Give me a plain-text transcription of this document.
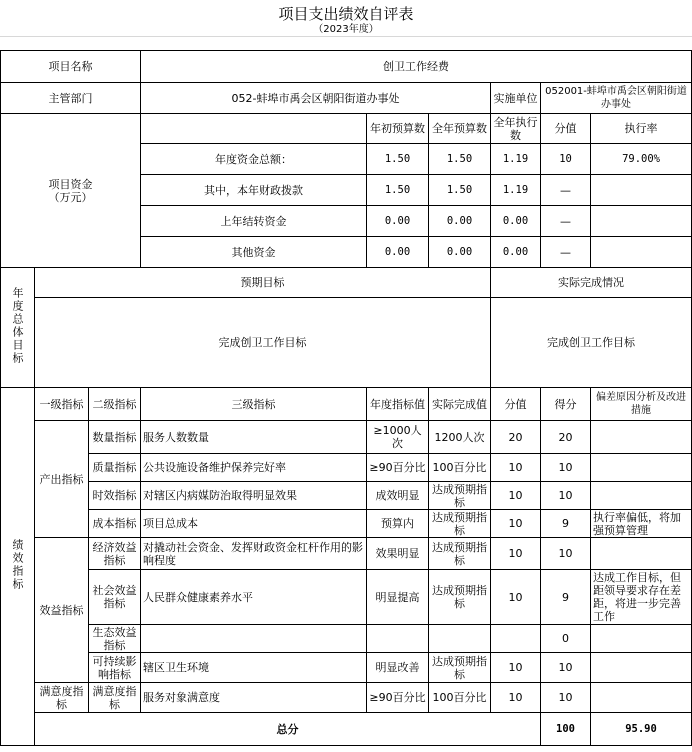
项目支出绩效自评表
（2023年度）
项目名称			创卫工作经费						
主管部门			052-蚌埠市禹会区朝阳街道办事处			实施单位	052001-蚌埠市禹会区朝阳街道办事处		
项目资金
（万元）				年初预算数	全年预算数	全年执行数	分值	执行率	
			年度资金总额：	1.50	1.50	1.19	10	79.00%	
			其中，本年财政拨款	1.50	1.50	1.19	—		
			上年结转资金	0.00	0.00	0.00	—		
			其他资金	0.00	0.00	0.00	—		
年度总体目标	预期目标					实际完成情况			
	完成创卫工作目标					完成创卫工作目标			
绩效指标	一级指标	二级指标	三级指标	年度指标值	实际完成值	分值	得分	偏差原因分析及改进措施	
	产出指标	数量指标	服务人数数量	≥1000人次	1200人次	20	20		
		质量指标	公共设施设备维护保养完好率	≥90百分比	100百分比	10	10		
		时效指标	对辖区内病媒防治取得明显效果	成效明显	达成预期指标	10	10		
		成本指标	项目总成本	预算内	达成预期指标	10	9	执行率偏低，将加强预算管理	
	效益指标	经济效益指标	对撬动社会资金、发挥财政资金杠杆作用的影响程度	效果明显	达成预期指标	10	10		
		社会效益指标	人民群众健康素养水平	明显提高	达成预期指标	10	9	达成工作目标，但距领导要求存在差距，将进一步完善工作	
		生态效益指标					0		
		可持续影响指标	辖区卫生环境	明显改善	达成预期指标	10	10		
	满意度指标	满意度指标	服务对象满意度	≥90百分比	100百分比	10	10		
	总分						100	95.90	
